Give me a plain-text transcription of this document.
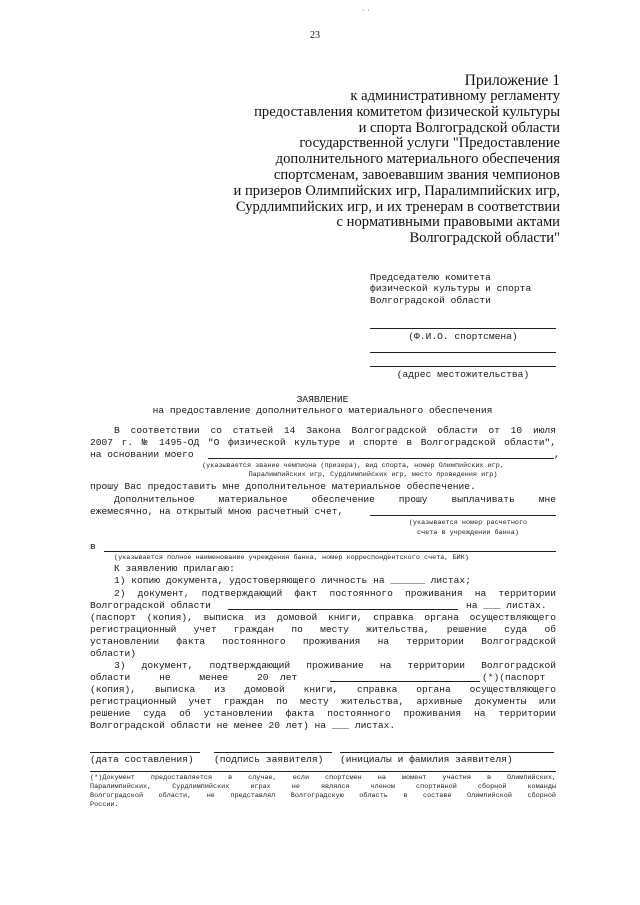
· ·
23
Приложение 1
к административному регламенту
предоставления комитетом физической культуры
и спорта Волгоградской области
государственной услуги "Предоставление
дополнительного материального обеспечения
спортсменам, завоевавшим звания чемпионов
и призеров Олимпийских игр, Паралимпийских игр,
Сурдлимпийских игр, и их тренерам в соответствии
с нормативными правовыми актами
Волгоградской области"
Председателю комитета
физической культуры и спорта
Волгоградской области
(Ф.И.О. спортсмена)
(адрес местожительства)
ЗАЯВЛЕНИЕ
на предоставление дополнительного материального обеспечения
В соответствии со статьей 14 Закона Волгоградской области от 10 июля
2007 г. № 1495-ОД "О физической культуре и спорте в Волгоградской области",
на основании моего	,
(указывается звание чемпиона (призера), вид спорта, номер Олимпийских игр,
Паралимпийских игр, Сурдлимпийских игр, место проведения игр)
прошу Вас предоставить мне дополнительное материальное обеспечение.
Дополнительное материальное обеспечение прошу выплачивать мне
ежемесячно, на открытый мною расчетный счет,
(указывается номер расчетного
счета в учреждении банка)
в
(указывается полное наименование учреждения банка, номер корреспондентского счета, БИК)
К заявлению прилагаю:
1) копию документа, удостоверяющего личность на ______ листах;
2) документ, подтверждающий факт постоянного проживания на территории
Волгоградской области	на ___ листах.
(паспорт (копия), выписка из домовой книги, справка органа осуществляющего
регистрационный учет граждан по месту жительства, решение суда об
установлении факта постоянного проживания на территории Волгоградской
области)
3) документ, подтверждающий проживание на территории Волгоградской
области     не     менее     20  лет	(*)(паспорт
(копия), выписка из домовой книги, справка органа осуществляющего
регистрационный учет граждан по месту жительства, архивные документы или
решение суда об установлении факта постоянного проживания на территории
Волгоградской области не менее 20 лет) на ___ листах.
(дата составления) (подпись заявителя) (инициалы и фамилия заявителя)
(*)Документ предоставляется в случае, если спортсмен на момент участия в Олимпийских,
Паралимпийских, Сурдлимпийских играх не являлся членом спортивной сборной команды
Волгоградской области, не представлял Волгоградскую область в составе Олимпийской сборной
России.
